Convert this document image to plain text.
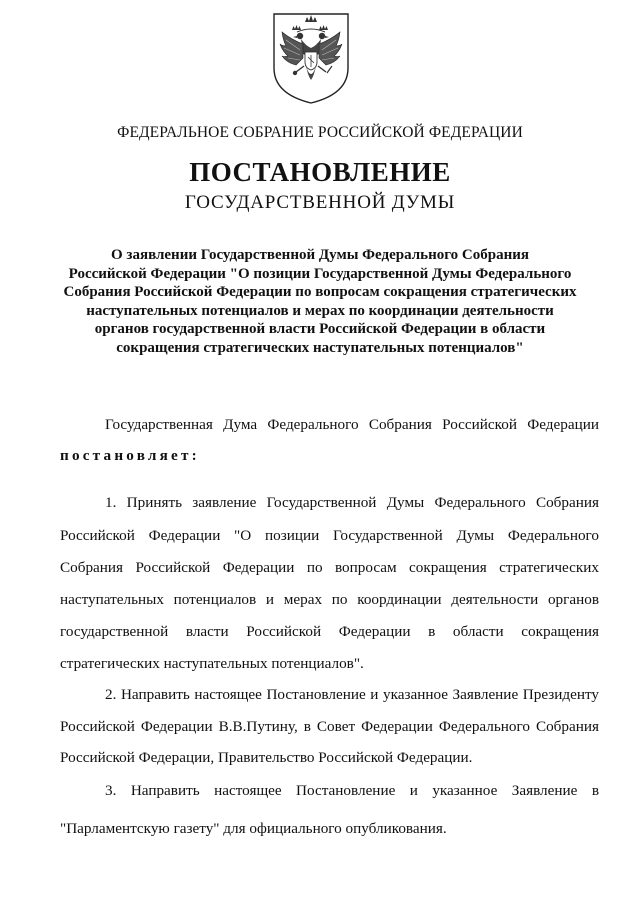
ФЕДЕРАЛЬНОЕ СОБРАНИЕ РОССИЙСКОЙ ФЕДЕРАЦИИ
ПОСТАНОВЛЕНИЕ
ГОСУДАРСТВЕННОЙ ДУМЫ
О заявлении Государственной Думы Федерального Собрания
Российской Федерации "О позиции Государственной Думы Федерального
Собрания Российской Федерации по вопросам сокращения стратегических
наступательных потенциалов и мерах по координации деятельности
органов государственной власти Российской Федерации в области
сокращения стратегических наступательных потенциалов"
Государственная Дума Федерального Собрания Российской Федерации
постановляет:
1. Принять заявление Государственной Думы Федерального Собрания
Российской Федерации "О позиции Государственной Думы Федерального
Собрания Российской Федерации по вопросам сокращения стратегических
наступательных потенциалов и мерах по координации деятельности органов
государственной власти Российской Федерации в области сокращения
стратегических наступательных потенциалов".
2. Направить настоящее Постановление и указанное Заявление Президенту
Российской Федерации В.В.Путину, в Совет Федерации Федерального Собрания
Российской Федерации, Правительство Российской Федерации.
3. Направить настоящее Постановление и указанное Заявление в
"Парламентскую газету" для официального опубликования.
